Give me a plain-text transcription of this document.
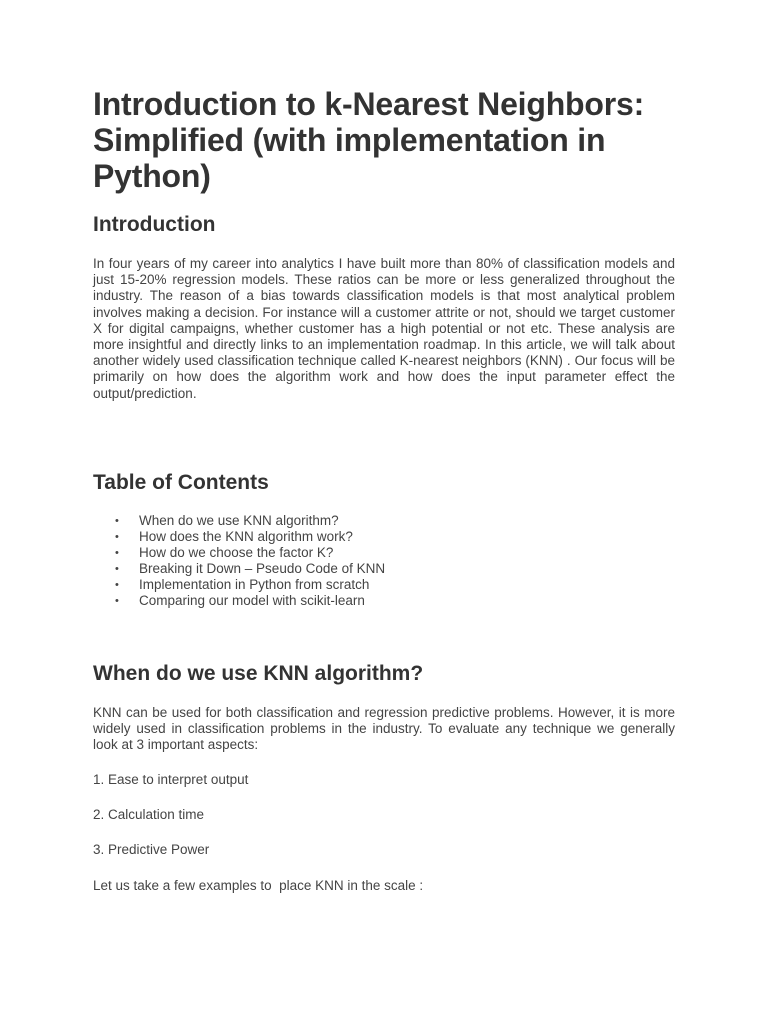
Introduction to k-Nearest Neighbors: Simplified (with implementation in Python)
Introduction

In four years of my career into analytics I have built more than 80% of classification models and just 15-20% regression models. These ratios can be more or less generalized throughout the industry. The reason of a bias towards classification models is that most analytical problem involves making a decision. For instance will a customer attrite or not, should we target customer X for digital campaigns, whether customer has a high potential or not etc. These analysis are more insightful and directly links to an implementation roadmap. In this article, we will talk about another widely used classification technique called K-nearest neighbors (KNN) . Our focus will be primarily on how does the algorithm work and how does the input parameter effect the output/prediction.

Table of Contents
• When do we use KNN algorithm?
• How does the KNN algorithm work?
• How do we choose the factor K?
• Breaking it Down – Pseudo Code of KNN
• Implementation in Python from scratch
• Comparing our model with scikit-learn
When do we use KNN algorithm?

KNN can be used for both classification and regression predictive problems. However, it is more widely used in classification problems in the industry. To evaluate any technique we generally look at 3 important aspects:

1. Ease to interpret output

2. Calculation time

3. Predictive Power

Let us take a few examples to  place KNN in the scale :
